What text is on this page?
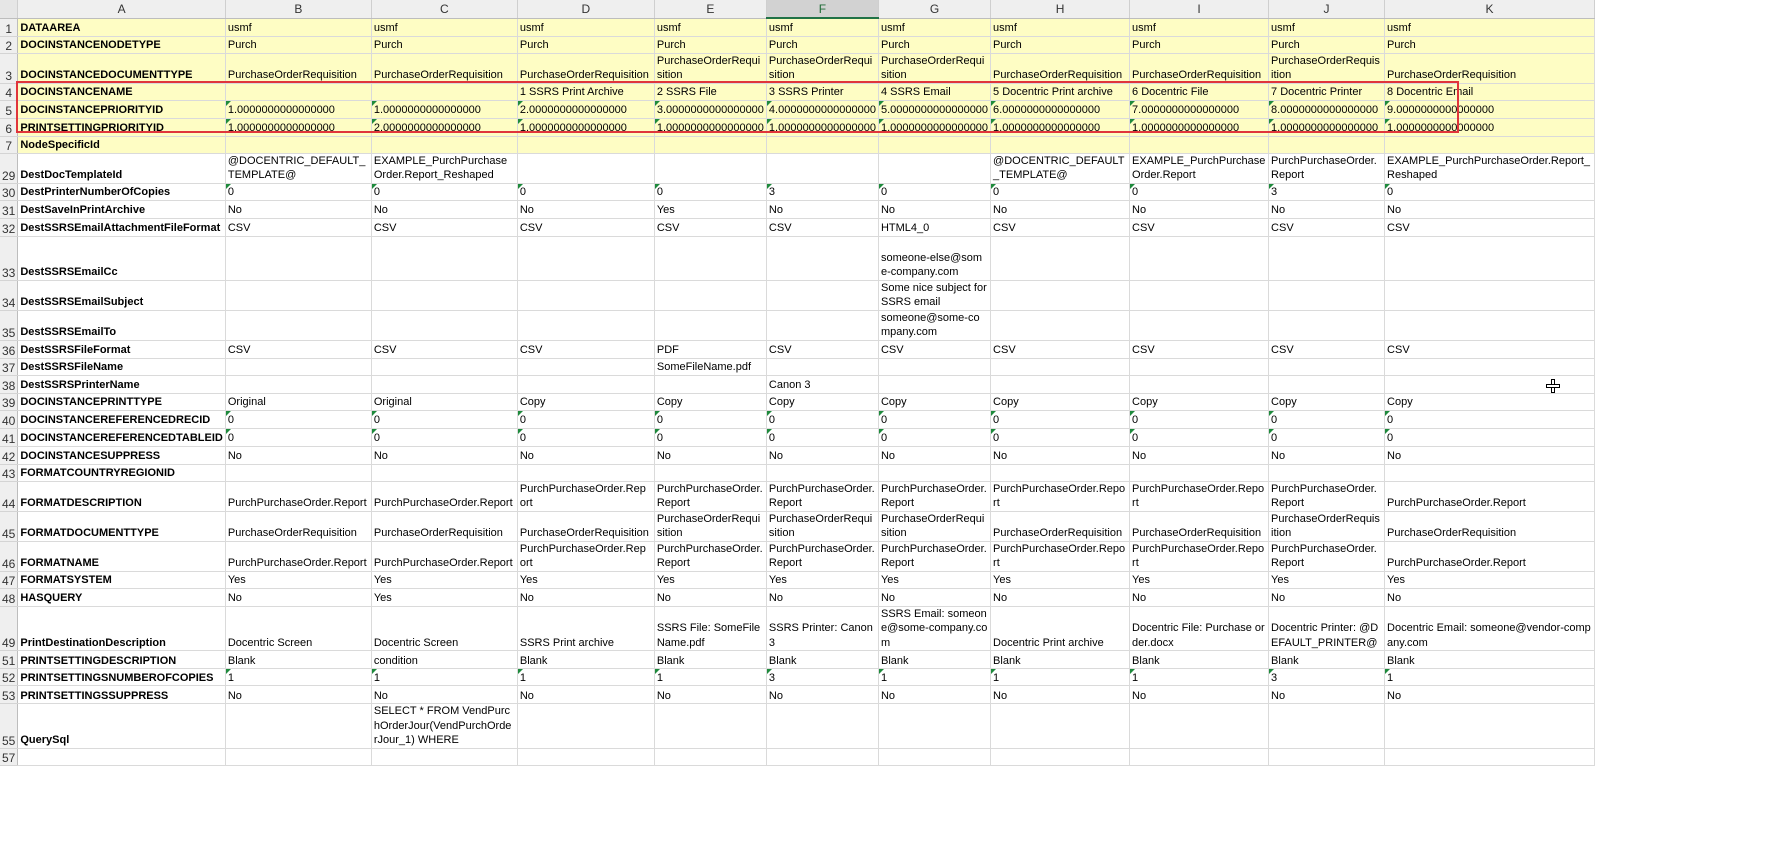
	A	B	C	D	E	F	G	H	I	J	K
1	DATAAREA	usmf	usmf	usmf	usmf	usmf	usmf	usmf	usmf	usmf	usmf
2	DOCINSTANCENODETYPE	Purch	Purch	Purch	Purch	Purch	Purch	Purch	Purch	Purch	Purch
3	DOCINSTANCEDOCUMENTTYPE	PurchaseOrderRequisition	PurchaseOrderRequisition	PurchaseOrderRequisition	PurchaseOrderRequisition	PurchaseOrderRequisition	PurchaseOrderRequisition	PurchaseOrderRequisition	PurchaseOrderRequisition	PurchaseOrderRequisition	PurchaseOrderRequisition
4	DOCINSTANCENAME			1 SSRS Print Archive	2 SSRS File	3 SSRS Printer	4 SSRS Email	5 Docentric Print archive	6 Docentric File	7 Docentric Printer	8 Docentric Email
5	DOCINSTANCEPRIORITYID	1.0000000000000000	1.0000000000000000	2.0000000000000000	3.0000000000000000	4.0000000000000000	5.0000000000000000	6.0000000000000000	7.0000000000000000	8.0000000000000000	9.0000000000000000
6	PRINTSETTINGPRIORITYID	1.0000000000000000	2.0000000000000000	1.0000000000000000	1.0000000000000000	1.0000000000000000	1.0000000000000000	1.0000000000000000	1.0000000000000000	1.0000000000000000	1.0000000000000000
7	NodeSpecificId										
29	DestDocTemplateId	@DOCENTRIC_DEFAULT_TEMPLATE@	EXAMPLE_PurchPurchaseOrder.Report_Reshaped					@DOCENTRIC_DEFAULT_TEMPLATE@	EXAMPLE_PurchPurchaseOrder.Report	PurchPurchaseOrder.Report	EXAMPLE_PurchPurchaseOrder.Report_Reshaped
30	DestPrinterNumberOfCopies	0	0	0	0	3	0	0	0	3	0
31	DestSaveInPrintArchive	No	No	No	Yes	No	No	No	No	No	No
32	DestSSRSEmailAttachmentFileFormat	CSV	CSV	CSV	CSV	CSV	HTML4_0	CSV	CSV	CSV	CSV
33	DestSSRSEmailCc						someone-else@some-company.com				
34	DestSSRSEmailSubject						Some nice subject for SSRS email				
35	DestSSRSEmailTo						someone@some-company.com				
36	DestSSRSFileFormat	CSV	CSV	CSV	PDF	CSV	CSV	CSV	CSV	CSV	CSV
37	DestSSRSFileName				SomeFileName.pdf						
38	DestSSRSPrinterName					Canon 3					
39	DOCINSTANCEPRINTTYPE	Original	Original	Copy	Copy	Copy	Copy	Copy	Copy	Copy	Copy
40	DOCINSTANCEREFERENCEDRECID	0	0	0	0	0	0	0	0	0	0
41	DOCINSTANCEREFERENCEDTABLEID	0	0	0	0	0	0	0	0	0	0
42	DOCINSTANCESUPPRESS	No	No	No	No	No	No	No	No	No	No
43	FORMATCOUNTRYREGIONID										
44	FORMATDESCRIPTION	PurchPurchaseOrder.Report	PurchPurchaseOrder.Report	PurchPurchaseOrder.Report	PurchPurchaseOrder.Report	PurchPurchaseOrder.Report	PurchPurchaseOrder.Report	PurchPurchaseOrder.Report	PurchPurchaseOrder.Report	PurchPurchaseOrder.Report	PurchPurchaseOrder.Report
45	FORMATDOCUMENTTYPE	PurchaseOrderRequisition	PurchaseOrderRequisition	PurchaseOrderRequisition	PurchaseOrderRequisition	PurchaseOrderRequisition	PurchaseOrderRequisition	PurchaseOrderRequisition	PurchaseOrderRequisition	PurchaseOrderRequisition	PurchaseOrderRequisition
46	FORMATNAME	PurchPurchaseOrder.Report	PurchPurchaseOrder.Report	PurchPurchaseOrder.Report	PurchPurchaseOrder.Report	PurchPurchaseOrder.Report	PurchPurchaseOrder.Report	PurchPurchaseOrder.Report	PurchPurchaseOrder.Report	PurchPurchaseOrder.Report	PurchPurchaseOrder.Report
47	FORMATSYSTEM	Yes	Yes	Yes	Yes	Yes	Yes	Yes	Yes	Yes	Yes
48	HASQUERY	No	Yes	No	No	No	No	No	No	No	No
49	PrintDestinationDescription	Docentric Screen	Docentric Screen	SSRS Print archive	SSRS File: SomeFileName.pdf	SSRS Printer: Canon 3	SSRS Email: someone@some-company.com	Docentric Print archive	Docentric File: Purchase order.docx	Docentric Printer: @DEFAULT_PRINTER@	Docentric Email: someone@vendor-company.com
51	PRINTSETTINGDESCRIPTION	Blank	condition	Blank	Blank	Blank	Blank	Blank	Blank	Blank	Blank
52	PRINTSETTINGSNUMBEROFCOPIES	1	1	1	1	3	1	1	1	3	1
53	PRINTSETTINGSSUPPRESS	No	No	No	No	No	No	No	No	No	No
55	QuerySql		SELECT * FROM VendPurchOrderJour(VendPurchOrderJour_1) WHERE								
57											
